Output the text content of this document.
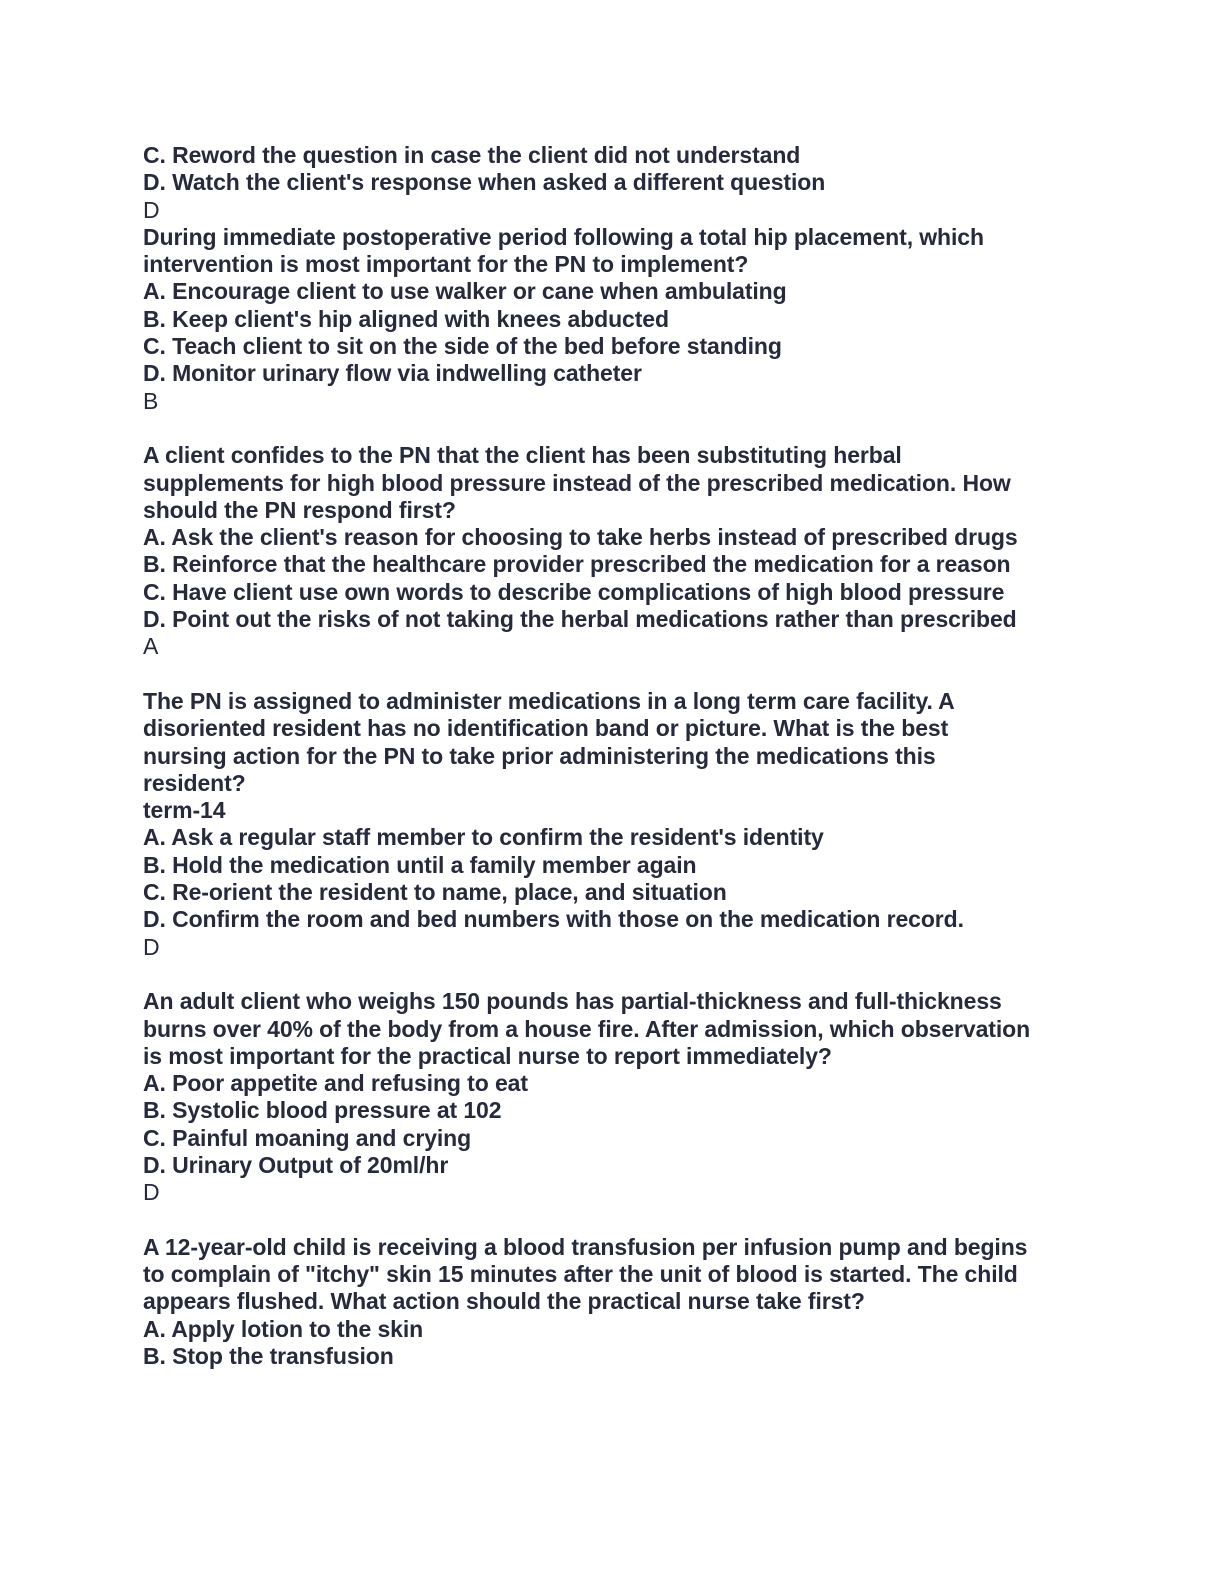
C. Reword the question in case the client did not understand
D. Watch the client's response when asked a different question
D
During immediate postoperative period following a total hip placement, which
intervention is most important for the PN to implement?
A. Encourage client to use walker or cane when ambulating
B. Keep client's hip aligned with knees abducted
C. Teach client to sit on the side of the bed before standing
D. Monitor urinary flow via indwelling catheter
B
A client confides to the PN that the client has been substituting herbal
supplements for high blood pressure instead of the prescribed medication. How
should the PN respond first?
A. Ask the client's reason for choosing to take herbs instead of prescribed drugs
B. Reinforce that the healthcare provider prescribed the medication for a reason
C. Have client use own words to describe complications of high blood pressure
D. Point out the risks of not taking the herbal medications rather than prescribed
A
The PN is assigned to administer medications in a long term care facility. A
disoriented resident has no identification band or picture. What is the best
nursing action for the PN to take prior administering the medications this
resident?
term-14
A. Ask a regular staff member to confirm the resident's identity
B. Hold the medication until a family member again
C. Re-orient the resident to name, place, and situation
D. Confirm the room and bed numbers with those on the medication record.
D
An adult client who weighs 150 pounds has partial-thickness and full-thickness
burns over 40% of the body from a house fire. After admission, which observation
is most important for the practical nurse to report immediately?
A. Poor appetite and refusing to eat
B. Systolic blood pressure at 102
C. Painful moaning and crying
D. Urinary Output of 20ml/hr
D
A 12-year-old child is receiving a blood transfusion per infusion pump and begins
to complain of "itchy" skin 15 minutes after the unit of blood is started. The child
appears flushed. What action should the practical nurse take first?
A. Apply lotion to the skin
B. Stop the transfusion
